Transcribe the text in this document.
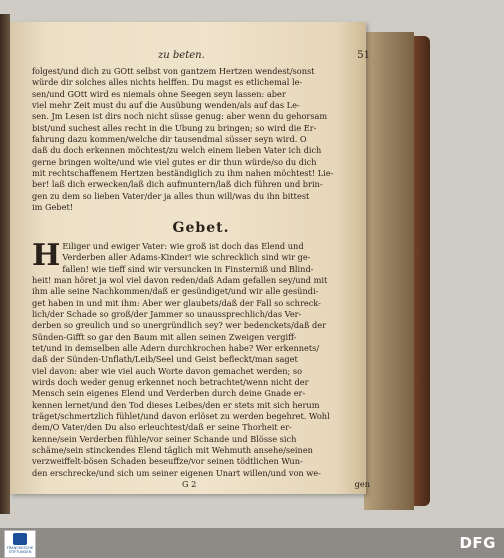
zu beten.	51
folgest/und dich zu GOtt selbst von gantzem Hertzen wendest/sonst
würde dir solches alles nichts helffen. Du magst es etlichemal le-
sen/und GOtt wird es niemals ohne Seegen seyn lassen: aber
viel mehr Zeit must du auf die Ausübung wenden/als auf das Le-
sen. Jm Lesen ist dirs noch nicht süsse genug: aber wenn du gehorsam
bist/und suchest alles recht in die Ubung zu bringen; so wird die Er-
fahrung dazu kommen/welche dir tausendmal süsser seyn wird. O
daß du doch erkennen möchtest/zu welch einem lieben Vater ich dich
gerne bringen wolte/und wie viel gutes er dir thun würde/so du dich
mit rechtschaffenem Hertzen beständiglich zu ihm nahen möchtest! Lie-
ber! laß dich erwecken/laß dich aufmuntern/laß dich führen und brin-
gen zu dem so lieben Vater/der ja alles thun will/was du ihn bittest
im Gebet!
Gebet.
H Eiliger und ewiger Vater: wie groß ist doch das Elend und
Verderben aller Adams-Kinder! wie schrecklich sind wir ge-
fallen! wie tieff sind wir versuncken in Finsterniß und Blind-
heit! man höret ja wol viel davon reden/daß Adam gefallen sey/und mit
ihm alle seine Nachkommen/daß er gesündiget/und wir alle gesündi-
get haben in und mit ihm: Aber wer glaubets/daß der Fall so schreck-
lich/der Schade so groß/der Jammer so unaussprechlich/das Ver-
derben so greulich und so unergründlich sey? wer bedenckets/daß der
Sünden-Gifft so gar den Baum mit allen seinen Zweigen vergiff-
tet/und in demselben alle Adern durchkrochen habe? Wer erkennets/
daß der Sünden-Unflath/Leib/Seel und Geist befleckt/man saget
viel davon: aber wie viel auch Worte davon gemachet werden; so
wirds doch weder genug erkennet noch betrachtet/wenn nicht der
Mensch sein eigenes Elend und Verderben durch deine Gnade er-
kennen lernet/und den Tod dieses Leibes/den er stets mit sich herum
träget/schmertzlich fühlet/und davon erlöset zu werden begehret. Wohl
dem/O Vater/den Du also erleuchtest/daß er seine Thorheit er-
kenne/sein Verderben fühle/vor seiner Schande und Blösse sich
schäme/sein stinckendes Elend täglich mit Wehmuth ansehe/seinen
verzweiffelt-bösen Schaden beseuffze/vor seinen tödtlichen Wun-
den erschrecke/und sich um seiner eigenen Unart willen/und von we-
G 2	gen
FRANCKESCHE STIFTUNGEN	DFG
